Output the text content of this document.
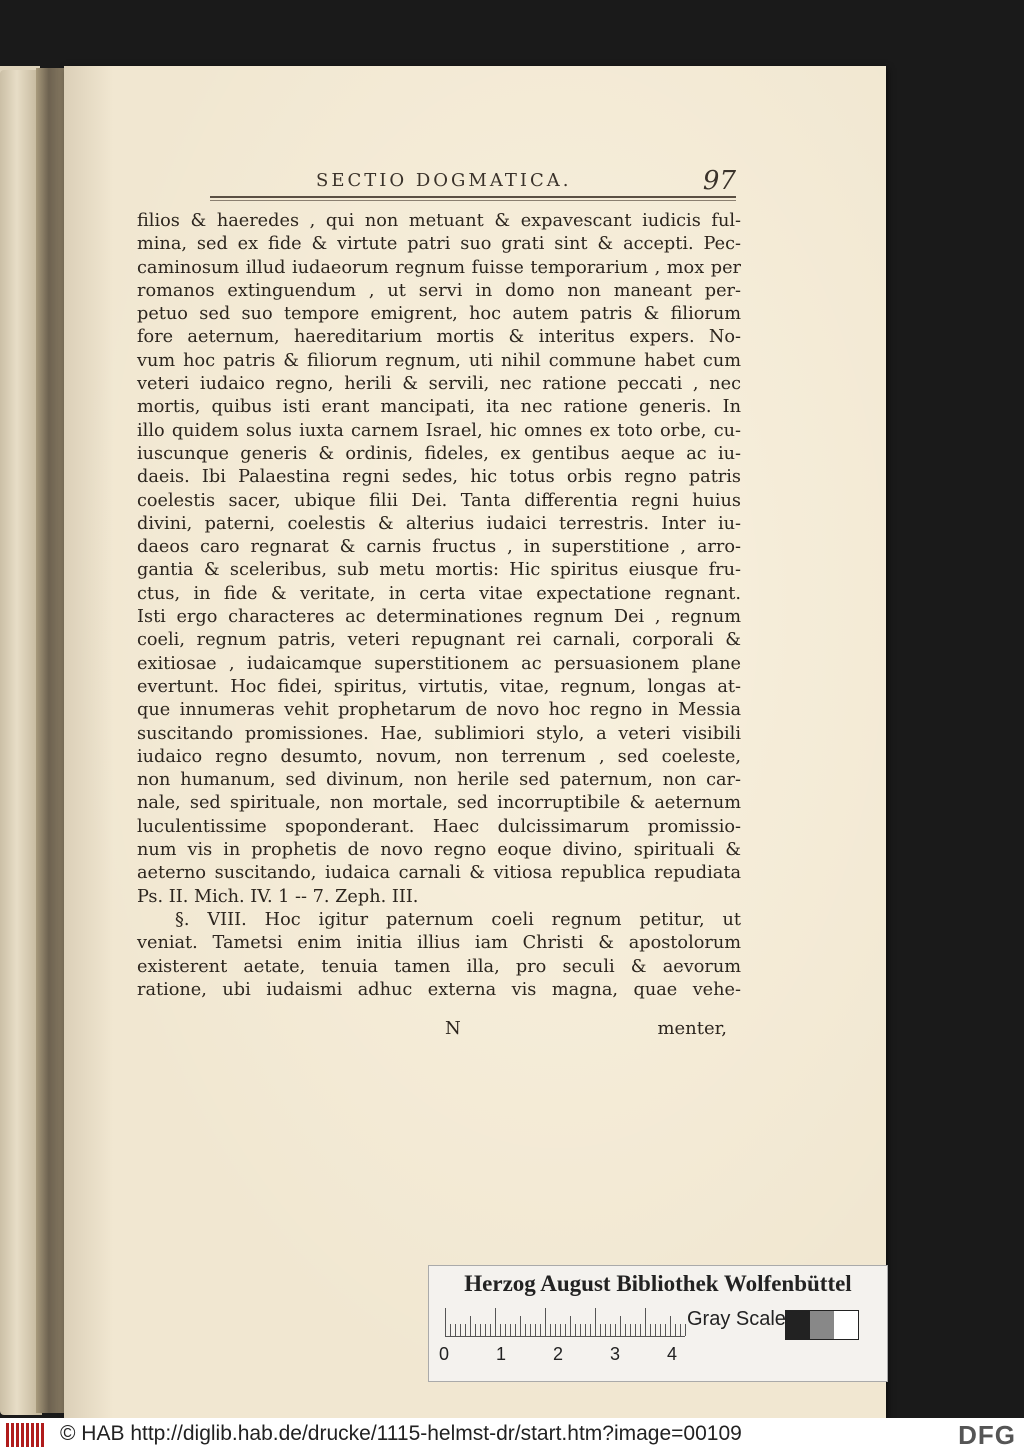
SECTIO DOGMATICA.	97
filios & haeredes , qui non metuant & expavescant iudicis ful-
mina, sed ex fide & virtute patri suo grati sint & accepti. Pec-
caminosum illud iudaeorum regnum fuisse temporarium , mox per
romanos extinguendum , ut servi in domo non maneant per-
petuo sed suo tempore emigrent, hoc autem patris & filiorum
fore aeternum, haereditarium mortis & interitus expers. No-
vum hoc patris & filiorum regnum, uti nihil commune habet cum
veteri iudaico regno, herili & servili, nec ratione peccati , nec
mortis, quibus isti erant mancipati, ita nec ratione generis. In
illo quidem solus iuxta carnem Israel, hic omnes ex toto orbe, cu-
iuscunque generis & ordinis, fideles, ex gentibus aeque ac iu-
daeis. Ibi Palaestina regni sedes, hic totus orbis regno patris
coelestis sacer, ubique filii Dei. Tanta differentia regni huius
divini, paterni, coelestis & alterius iudaici terrestris. Inter iu-
daeos caro regnarat & carnis fructus , in superstitione , arro-
gantia & sceleribus, sub metu mortis: Hic spiritus eiusque fru-
ctus, in fide & veritate, in certa vitae expectatione regnant.
Isti ergo characteres ac determinationes regnum Dei , regnum
coeli, regnum patris, veteri repugnant rei carnali, corporali &
exitiosae , iudaicamque superstitionem ac persuasionem plane
evertunt. Hoc fidei, spiritus, virtutis, vitae, regnum, longas at-
que innumeras vehit prophetarum de novo hoc regno in Messia
suscitando promissiones. Hae, sublimiori stylo, a veteri visibili
iudaico regno desumto, novum, non terrenum , sed coeleste,
non humanum, sed divinum, non herile sed paternum, non car-
nale, sed spirituale, non mortale, sed incorruptibile & aeternum
luculentissime spoponderant. Haec dulcissimarum promissio-
num vis in prophetis de novo regno eoque divino, spirituali &
aeterno suscitando, iudaica carnali & vitiosa republica repudiata
Ps. II. Mich. IV. 1 -- 7. Zeph. III.
§. VIII. Hoc igitur paternum coeli regnum petitur, ut
veniat. Tametsi enim initia illius iam Christi & apostolorum
existerent aetate, tenuia tamen illa, pro seculi & aevorum
ratione, ubi iudaismi adhuc externa vis magna, quae vehe-
N	menter,
Herzog August Bibliothek Wolfenbüttel
0	1	2	3	4
Gray Scale
© HAB http://diglib.hab.de/drucke/1115-helmst-dr/start.htm?image=00109	DFG
